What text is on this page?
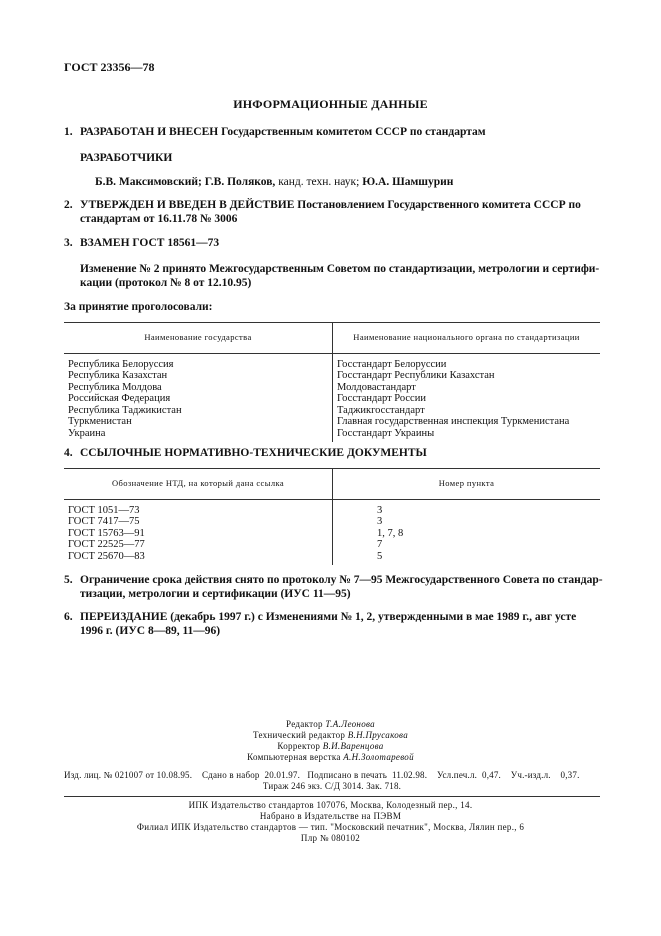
ГОСТ 23356—78
ИНФОРМАЦИОННЫЕ ДАННЫЕ
1. РАЗРАБОТАН И ВНЕСЕН Государственным комитетом СССР по стандартам
РАЗРАБОТЧИКИ
Б.В. Максимовский; Г.В. Поляков, канд. техн. наук; Ю.А. Шамшурин
2. УТВЕРЖДЕН И ВВЕДЕН В ДЕЙСТВИЕ Постановлением Государственного комитета СССР по
стандартам от 16.11.78 № 3006
3. ВЗАМЕН ГОСТ 18561—73
Изменение № 2 принято Межгосударственным Советом по стандартизации, метрологии и сертифи-
кации (протокол № 8 от 12.10.95)
За принятие проголосовали:
Наименование государства	Наименование национального органа по стандартизации
Республика Белоруссия	Госстандарт Белоруссии
Республика Казахстан	Госстандарт Республики Казахстан
Республика Молдова	Молдовастандарт
Российская Федерация	Госстандарт России
Республика Таджикистан	Таджикгосстандарт
Туркменистан	Главная государственная инспекция Туркменистана
Украина	Госстандарт Украины
4. ССЫЛОЧНЫЕ НОРМАТИВНО-ТЕХНИЧЕСКИЕ ДОКУМЕНТЫ
Обозначение НТД, на который дана ссылка	Номер пункта
ГОСТ 1051—73	3
ГОСТ 7417—75	3
ГОСТ 15763—91	1, 7, 8
ГОСТ 22525—77	7
ГОСТ 25670—83	5
5. Ограничение срока действия снято по протоколу № 7—95 Межгосударственного Совета по стандар-
тизации, метрологии и сертификации (ИУС 11—95)
6. ПЕРЕИЗДАНИЕ (декабрь 1997 г.) с Изменениями № 1, 2, утвержденными в мае 1989 г., авг усте
1996 г. (ИУС 8—89, 11—96)
Редактор Т.А.Леонова
Технический редактор В.Н.Прусакова
Корректор В.И.Варенцова
Компьютерная верстка А.Н.Золотаревой
Изд. лиц. № 021007 от 10.08.95.    Сдано в набор  20.01.97.   Подписано в печать  11.02.98.    Усл.печ.л.  0,47.    Уч.-изд.л.    0,37.
Тираж 246 экз. С/Д 3014. Зак. 718.
ИПК Издательство стандартов 107076, Москва, Колодезный пер., 14.
Набрано в Издательстве на ПЭВМ
Филиал ИПК Издательство стандартов — тип. "Московский печатник", Москва, Лялин пер., 6
Плр № 080102
